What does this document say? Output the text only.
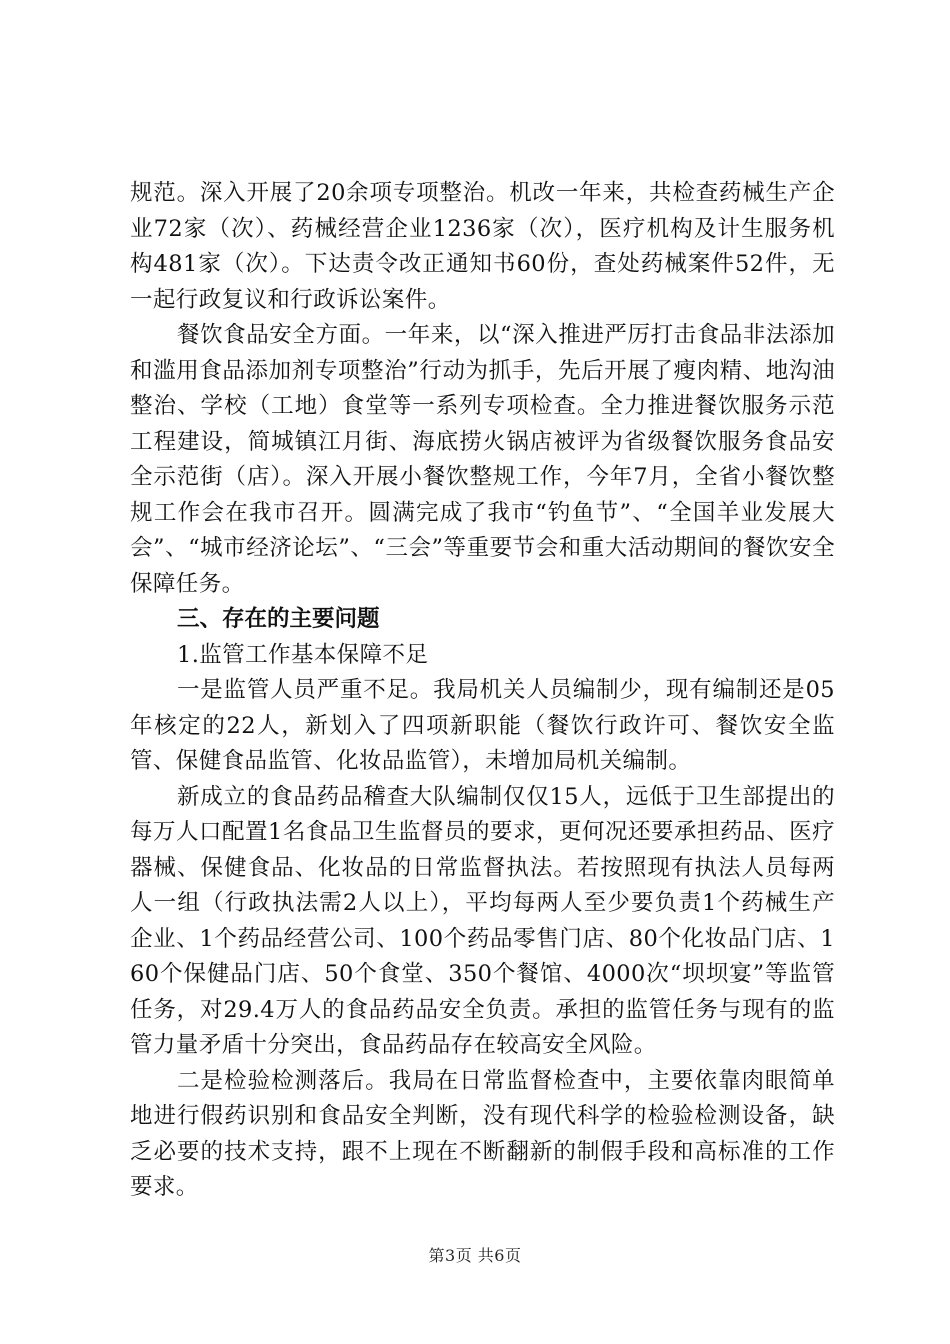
规范。深入开展了20余项专项整治。机改一年来，共检查药械生产企业72家（次）、药械经营企业1236家（次），医疗机构及计生服务机构481家（次）。下达责令改正通知书60份，查处药械案件52件，无一起行政复议和行政诉讼案件。

餐饮食品安全方面。一年来，以“深入推进严厉打击食品非法添加和滥用食品添加剂专项整治”行动为抓手，先后开展了瘦肉精、地沟油整治、学校（工地）食堂等一系列专项检查。全力推进餐饮服务示范工程建设，简城镇江月街、海底捞火锅店被评为省级餐饮服务食品安全示范街（店）。深入开展小餐饮整规工作，今年7月，全省小餐饮整规工作会在我市召开。圆满完成了我市“钓鱼节”、“全国羊业发展大会”、“城市经济论坛”、“三会”等重要节会和重大活动期间的餐饮安全保障任务。

三、存在的主要问题

1.监管工作基本保障不足

一是监管人员严重不足。我局机关人员编制少，现有编制还是05年核定的22人，新划入了四项新职能（餐饮行政许可、餐饮安全监管、保健食品监管、化妆品监管），未增加局机关编制。

新成立的食品药品稽查大队编制仅仅15人，远低于卫生部提出的每万人口配置1名食品卫生监督员的要求，更何况还要承担药品、医疗器械、保健食品、化妆品的日常监督执法。若按照现有执法人员每两人一组（行政执法需2人以上），平均每两人至少要负责1个药械生产企业、1个药品经营公司、100个药品零售门店、80个化妆品门店、160个保健品门店、50个食堂、350个餐馆、4000次“坝坝宴”等监管任务，对29.4万人的食品药品安全负责。承担的监管任务与现有的监管力量矛盾十分突出，食品药品存在较高安全风险。

二是检验检测落后。我局在日常监督检查中，主要依靠肉眼简单地进行假药识别和食品安全判断，没有现代科学的检验检测设备，缺乏必要的技术支持，跟不上现在不断翻新的制假手段和高标准的工作要求。

第3页 共6页
